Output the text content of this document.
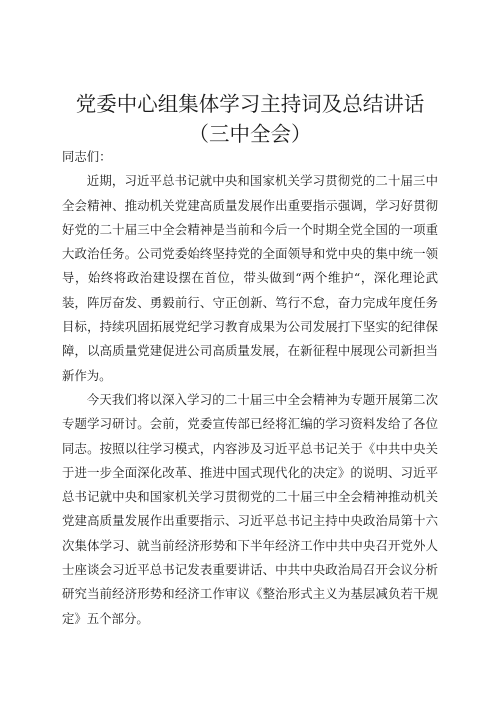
党委中心组集体学习主持词及总结讲话（三中全会）

同志们：

近期，习近平总书记就中央和国家机关学习贯彻党的二十届三中全会精神、推动机关党建高质量发展作出重要指示强调，学习好贯彻好党的二十届三中全会精神是当前和今后一个时期全党全国的一项重大政治任务。公司党委始终坚持党的全面领导和党中央的集中统一领导，始终将政治建设摆在首位，带头做到“两个维护“，深化理论武装，阵厉奋发、勇毅前行、守正创新、笃行不怠，奋力完成年度任务目标，持续巩固拓展党纪学习教育成果为公司发展打下坚实的纪律保障，以高质量党建促进公司高质量发展，在新征程中展现公司新担当新作为。

今天我们将以深入学习的二十届三中全会精神为专题开展第二次专题学习研讨。会前，党委宣传部已经将汇编的学习资料发给了各位同志。按照以往学习模式，内容涉及习近平总书记关于《中共中央关于进一步全面深化改革、推进中国式现代化的决定》的说明、习近平总书记就中央和国家机关学习贯彻党的二十届三中全会精神推动机关党建高质量发展作出重要指示、习近平总书记主持中央政治局第十六次集体学习、就当前经济形势和下半年经济工作中共中央召开党外人士座谈会习近平总书记发表重要讲话、中共中央政治局召开会议分析研究当前经济形势和经济工作审议《整治形式主义为基层减负若干规定》五个部分。
